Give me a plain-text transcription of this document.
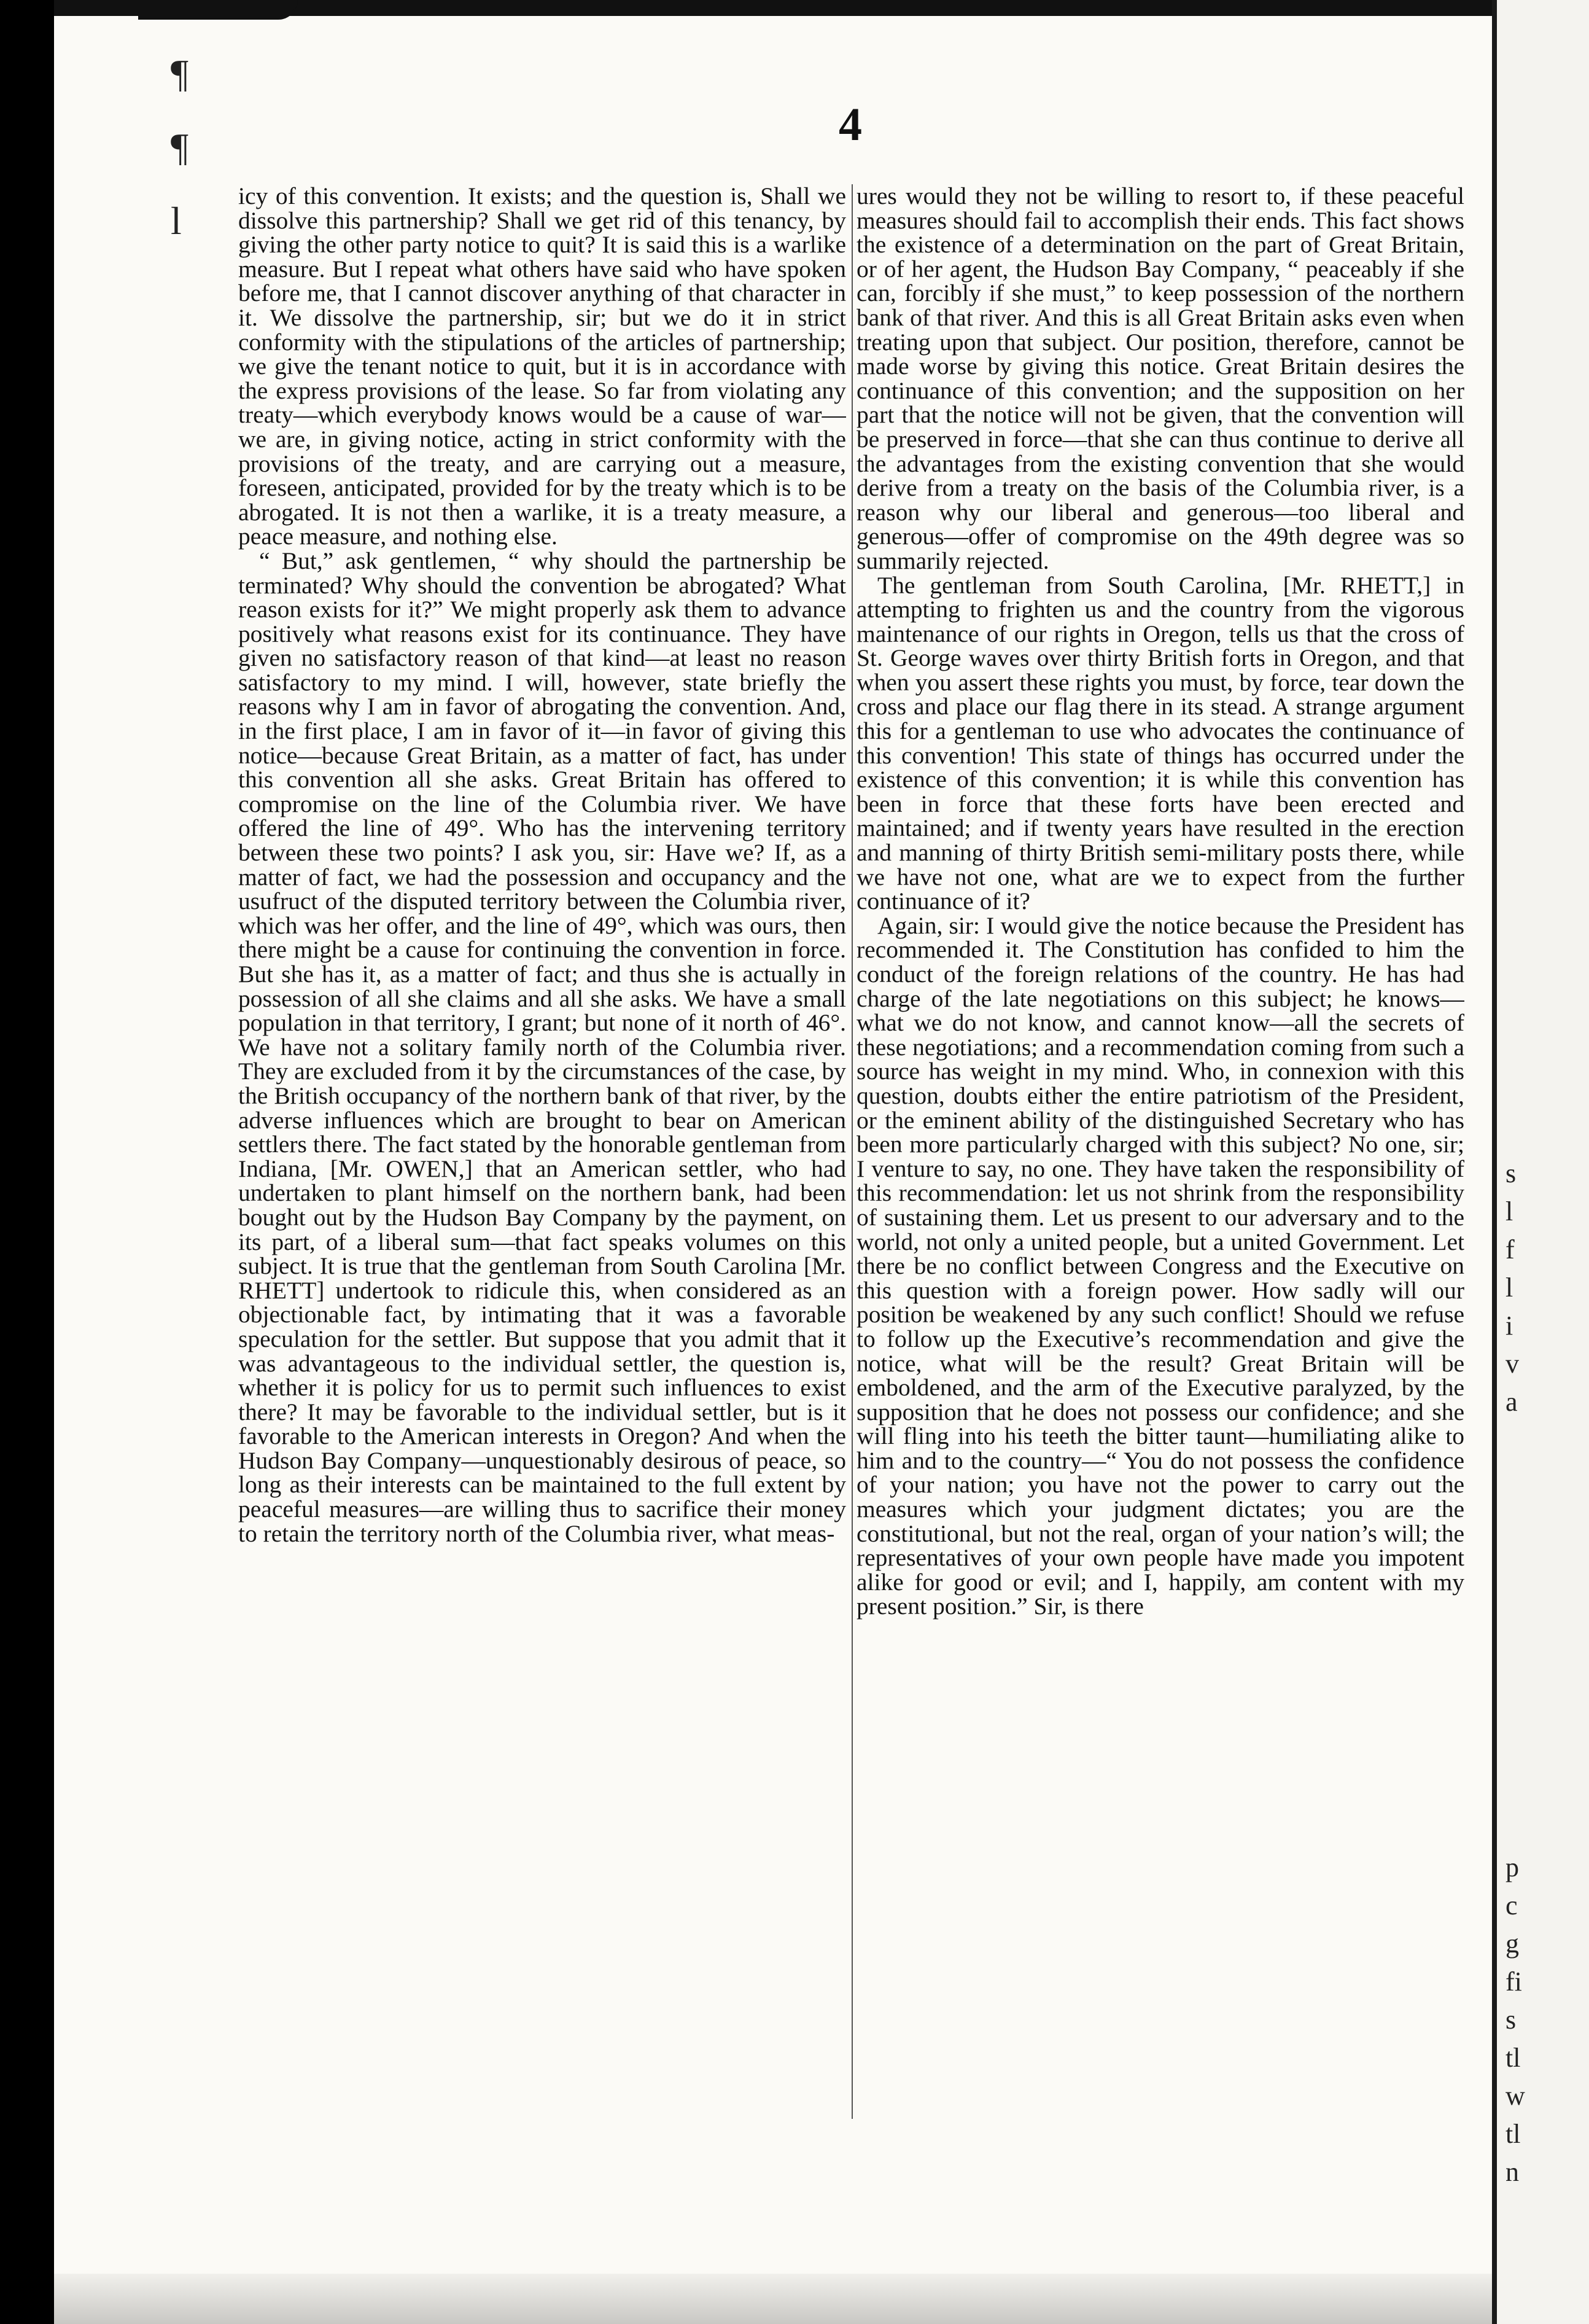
¶
¶
l
4

icy of this convention. It exists; and the question is, Shall we dissolve this partnership? Shall we get rid of this tenancy, by giving the other party notice to quit? It is said this is a warlike measure. But I repeat what others have said who have spoken before me, that I cannot discover anything of that character in it. We dissolve the partnership, sir; but we do it in strict conformity with the stipulations of the articles of partnership; we give the tenant notice to quit, but it is in accordance with the express provisions of the lease. So far from violating any treaty—which everybody knows would be a cause of war—we are, in giving notice, acting in strict conformity with the provisions of the treaty, and are carrying out a measure, foreseen, anticipated, provided for by the treaty which is to be abrogated. It is not then a warlike, it is a treaty measure, a peace measure, and nothing else.

“ But,” ask gentlemen, “ why should the partnership be terminated? Why should the convention be abrogated? What reason exists for it?” We might properly ask them to advance positively what reasons exist for its continuance. They have given no satisfactory reason of that kind—at least no reason satisfactory to my mind. I will, however, state briefly the reasons why I am in favor of abrogating the convention. And, in the first place, I am in favor of it—in favor of giving this notice—because Great Britain, as a matter of fact, has under this convention all she asks. Great Britain has offered to compromise on the line of the Columbia river. We have offered the line of 49°. Who has the intervening territory between these two points? I ask you, sir: Have we? If, as a matter of fact, we had the possession and occupancy and the usufruct of the disputed territory between the Columbia river, which was her offer, and the line of 49°, which was ours, then there might be a cause for continuing the convention in force. But she has it, as a matter of fact; and thus she is actually in possession of all she claims and all she asks. We have a small population in that territory, I grant; but none of it north of 46°. We have not a solitary family north of the Columbia river. They are excluded from it by the circumstances of the case, by the British occupancy of the northern bank of that river, by the adverse influences which are brought to bear on American settlers there. The fact stated by the honorable gentleman from Indiana, [Mr. OWEN,] that an American settler, who had undertaken to plant himself on the northern bank, had been bought out by the Hudson Bay Company by the payment, on its part, of a liberal sum—that fact speaks volumes on this subject. It is true that the gentleman from South Carolina [Mr. RHETT] undertook to ridicule this, when considered as an objectionable fact, by intimating that it was a favorable speculation for the settler. But suppose that you admit that it was advantageous to the individual settler, the question is, whether it is policy for us to permit such influences to exist there? It may be favorable to the individual settler, but is it favorable to the American interests in Oregon? And when the Hudson Bay Company—unquestionably desirous of peace, so long as their interests can be maintained to the full extent by peaceful measures—are willing thus to sacrifice their money to retain the territory north of the Columbia river, what meas-

ures would they not be willing to resort to, if these peaceful measures should fail to accomplish their ends. This fact shows the existence of a determination on the part of Great Britain, or of her agent, the Hudson Bay Company, “ peaceably if she can, forcibly if she must,” to keep possession of the northern bank of that river. And this is all Great Britain asks even when treating upon that subject. Our position, therefore, cannot be made worse by giving this notice. Great Britain desires the continuance of this convention; and the supposition on her part that the notice will not be given, that the convention will be preserved in force—that she can thus continue to derive all the advantages from the existing convention that she would derive from a treaty on the basis of the Columbia river, is a reason why our liberal and generous—too liberal and generous—offer of compromise on the 49th degree was so summarily rejected.

The gentleman from South Carolina, [Mr. RHETT,] in attempting to frighten us and the country from the vigorous maintenance of our rights in Oregon, tells us that the cross of St. George waves over thirty British forts in Oregon, and that when you assert these rights you must, by force, tear down the cross and place our flag there in its stead. A strange argument this for a gentleman to use who advocates the continuance of this convention! This state of things has occurred under the existence of this convention; it is while this convention has been in force that these forts have been erected and maintained; and if twenty years have resulted in the erection and manning of thirty British semi-military posts there, while we have not one, what are we to expect from the further continuance of it?

Again, sir: I would give the notice because the President has recommended it. The Constitution has confided to him the conduct of the foreign relations of the country. He has had charge of the late negotiations on this subject; he knows—what we do not know, and cannot know—all the secrets of these negotiations; and a recommendation coming from such a source has weight in my mind. Who, in connexion with this question, doubts either the entire patriotism of the President, or the eminent ability of the distinguished Secretary who has been more particularly charged with this subject? No one, sir; I venture to say, no one. They have taken the responsibility of this recommendation: let us not shrink from the responsibility of sustaining them. Let us present to our adversary and to the world, not only a united people, but a united Government. Let there be no conflict between Congress and the Executive on this question with a foreign power. How sadly will our position be weakened by any such conflict! Should we refuse to follow up the Executive’s recommendation and give the notice, what will be the result? Great Britain will be emboldened, and the arm of the Executive paralyzed, by the supposition that he does not possess our confidence; and she will fling into his teeth the bitter taunt—humiliating alike to him and to the country—“ You do not possess the confidence of your nation; you have not the power to carry out the measures which your judgment dictates; you are the constitutional, but not the real, organ of your nation’s will; the representatives of your own people have made you impotent alike for good or evil; and I, happily, am content with my present position.” Sir, is there

s
l
f
l
i
v
a
p
c
g
fi
s
tl
w
tl
n
